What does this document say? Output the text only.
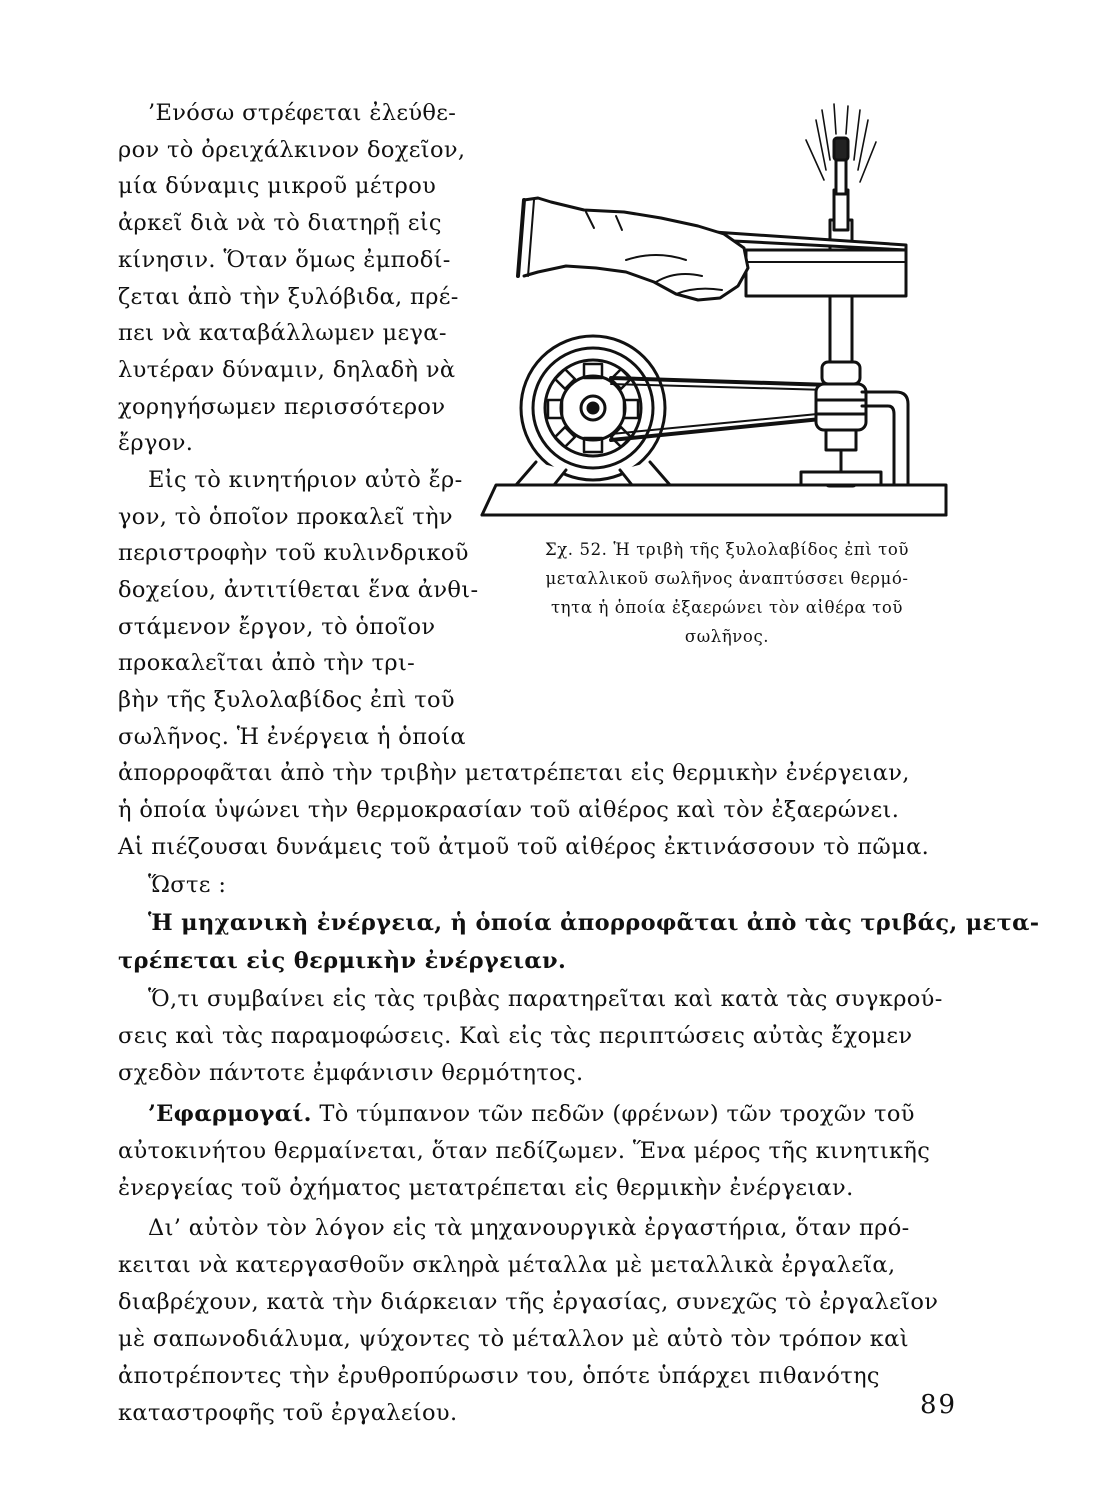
’Ενόσω στρέφεται ἐλεύθε-
ρον τὸ ὀρειχάλκινον δοχεῖον,
μία δύναμις μικροῦ μέτρου
ἀρκεῖ διὰ νὰ τὸ διατηρῇ εἰς
κίνησιν. Ὅταν ὅμως ἐμποδί-
ζεται ἀπὸ τὴν ξυλόβιδα, πρέ-
πει νὰ καταβάλλωμεν μεγα-
λυτέραν δύναμιν, δηλαδὴ νὰ
χορηγήσωμεν περισσότερον
ἔργον.
Εἰς τὸ κινητήριον αὐτὸ ἔρ-
γον, τὸ ὁποῖον προκαλεῖ τὴν
περιστροφὴν τοῦ κυλινδρικοῦ
δοχείου, ἀντιτίθεται ἕνα ἀνθι-
στάμενον ἔργον, τὸ ὁποῖον
προκαλεῖται ἀπὸ τὴν τρι-
βὴν τῆς ξυλολαβίδος ἐπὶ τοῦ
σωλῆνος. Ἡ ἐνέργεια ἡ ὁποία
ἀπορροφᾶται ἀπὸ τὴν τριβὴν μετατρέπεται εἰς θερμικὴν ἐνέργειαν,
ἡ ὁποία ὑψώνει τὴν θερμοκρασίαν τοῦ αἰθέρος καὶ τὸν ἐξαερώνει.
Αἱ πιέζουσαι δυνάμεις τοῦ ἀτμοῦ τοῦ αἰθέρος ἐκτινάσσουν τὸ πῶμα.
Ὥστε :
Ἡ μηχανικὴ ἐνέργεια, ἡ ὁποία ἀπορροφᾶται ἀπὸ τὰς τριβάς, μετα-
τρέπεται εἰς θερμικὴν ἐνέργειαν.
Ὅ,τι συμβαίνει εἰς τὰς τριβὰς παρατηρεῖται καὶ κατὰ τὰς συγκρού-
σεις καὶ τὰς παραμοφώσεις. Καὶ εἰς τὰς περιπτώσεις αὐτὰς ἔχομεν
σχεδὸν πάντοτε ἐμφάνισιν θερμότητος.
’Εφαρμογαί. Τὸ τύμπανον τῶν πεδῶν (φρένων) τῶν τροχῶν τοῦ
αὐτοκινήτου θερμαίνεται, ὅταν πεδίζωμεν. Ἕνα μέρος τῆς κινητικῆς
ἐνεργείας τοῦ ὀχήματος μετατρέπεται εἰς θερμικὴν ἐνέργειαν.
Δι’ αὐτὸν τὸν λόγον εἰς τὰ μηχανουργικὰ ἐργαστήρια, ὅταν πρό-
κειται νὰ κατεργασθοῦν σκληρὰ μέταλλα μὲ μεταλλικὰ ἐργαλεῖα,
διαβρέχουν, κατὰ τὴν διάρκειαν τῆς ἐργασίας, συνεχῶς τὸ ἐργαλεῖον
μὲ σαπωνοδιάλυμα, ψύχοντες τὸ μέταλλον μὲ αὐτὸ τὸν τρόπον καὶ
ἀποτρέποντες τὴν ἐρυθροπύρωσιν του, ὁπότε ὑπάρχει πιθανότης
καταστροφῆς τοῦ ἐργαλείου.
Σχ. 52. Ἡ τριβὴ τῆς ξυλολαβίδος ἐπὶ τοῦ
μεταλλικοῦ σωλῆνος ἀναπτύσσει θερμό-
τητα ἡ ὁποία ἐξαερώνει τὸν αἰθέρα τοῦ
σωλῆνος.
89
